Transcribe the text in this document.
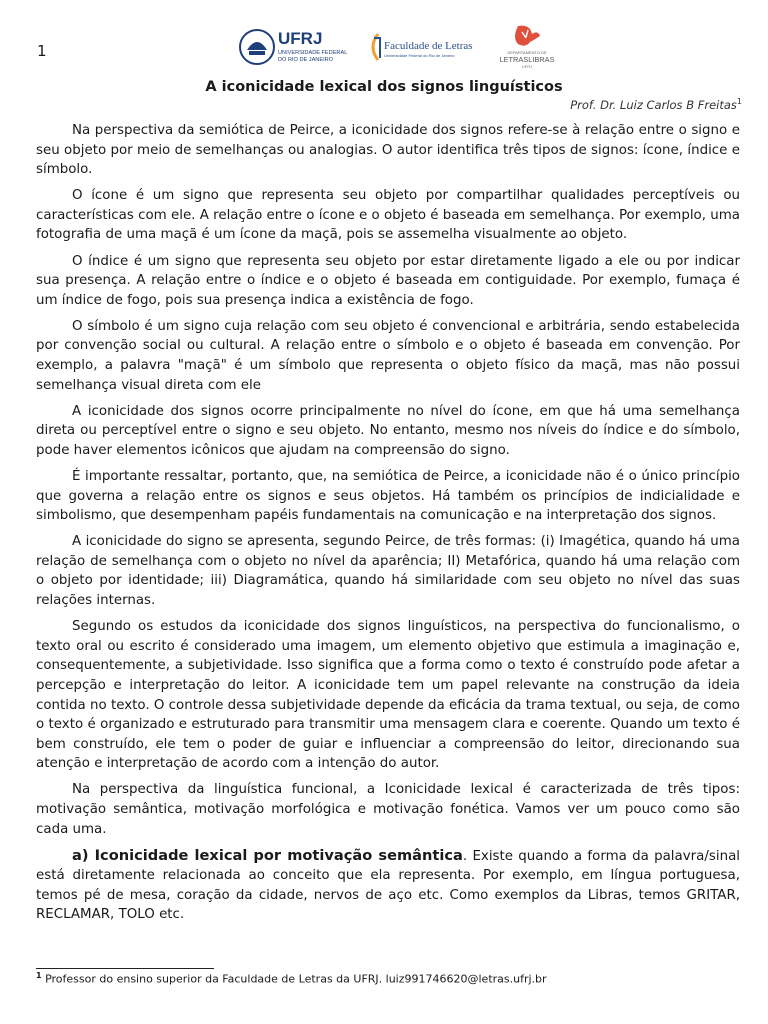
1
UFRJ
UNIVERSIDADE FEDERAL
DO RIO DE JANEIRO
Faculdade de Letras
Universidade Federal do Rio de Janeiro
DEPARTAMENTO DE
LETRASLIBRAS
UFRJ
A iconicidade lexical dos signos linguísticos
Prof. Dr. Luiz Carlos B Freitas$^1$

Na perspectiva da semiótica de Peirce, a iconicidade dos signos refere-se à relação entre o signo e seu objeto por meio de semelhanças ou analogias. O autor identifica três tipos de signos: ícone, índice e símbolo.

O ícone é um signo que representa seu objeto por compartilhar qualidades perceptíveis ou características com ele. A relação entre o ícone e o objeto é baseada em semelhança. Por exemplo, uma fotografia de uma maçã é um ícone da maçã, pois se assemelha visualmente ao objeto.

O índice é um signo que representa seu objeto por estar diretamente ligado a ele ou por indicar sua presença. A relação entre o índice e o objeto é baseada em contiguidade. Por exemplo, fumaça é um índice de fogo, pois sua presença indica a existência de fogo.

O símbolo é um signo cuja relação com seu objeto é convencional e arbitrária, sendo estabelecida por convenção social ou cultural. A relação entre o símbolo e o objeto é baseada em convenção. Por exemplo, a palavra "maçã" é um símbolo que representa o objeto físico da maçã, mas não possui semelhança visual direta com ele

A iconicidade dos signos ocorre principalmente no nível do ícone, em que há uma semelhança direta ou perceptível entre o signo e seu objeto. No entanto, mesmo nos níveis do índice e do símbolo, pode haver elementos icônicos que ajudam na compreensão do signo.

É importante ressaltar, portanto, que, na semiótica de Peirce, a iconicidade não é o único princípio que governa a relação entre os signos e seus objetos. Há também os princípios de indicialidade e simbolismo, que desempenham papéis fundamentais na comunicação e na interpretação dos signos.

A iconicidade do signo se apresenta, segundo Peirce, de três formas: (i) Imagética, quando há uma relação de semelhança com o objeto no nível da aparência; II) Metafórica, quando há uma relação com o objeto por identidade; iii) Diagramática, quando há similaridade com seu objeto no nível das suas relações internas.

Segundo os estudos da iconicidade dos signos linguísticos, na perspectiva do funcionalismo, o texto oral ou escrito é considerado uma imagem, um elemento objetivo que estimula a imaginação e, consequentemente, a subjetividade. Isso significa que a forma como o texto é construído pode afetar a percepção e interpretação do leitor. A iconicidade tem um papel relevante na construção da ideia contida no texto. O controle dessa subjetividade depende da eficácia da trama textual, ou seja, de como o texto é organizado e estruturado para transmitir uma mensagem clara e coerente. Quando um texto é bem construído, ele tem o poder de guiar e influenciar a compreensão do leitor, direcionando sua atenção e interpretação de acordo com a intenção do autor.

Na perspectiva da linguística funcional, a Iconicidade lexical é caracterizada de três tipos: motivação semântica, motivação morfológica e motivação fonética. Vamos ver um pouco como são cada uma.

a) Iconicidade lexical por motivação semântica. Existe quando a forma da palavra/sinal está diretamente relacionada ao conceito que ela representa. Por exemplo, em língua portuguesa, temos pé de mesa, coração da cidade, nervos de aço etc. Como exemplos da Libras, temos GRITAR, RECLAMAR, TOLO etc.

$^1$ Professor do ensino superior da Faculdade de Letras da UFRJ. luiz991746620@letras.ufrj.br
